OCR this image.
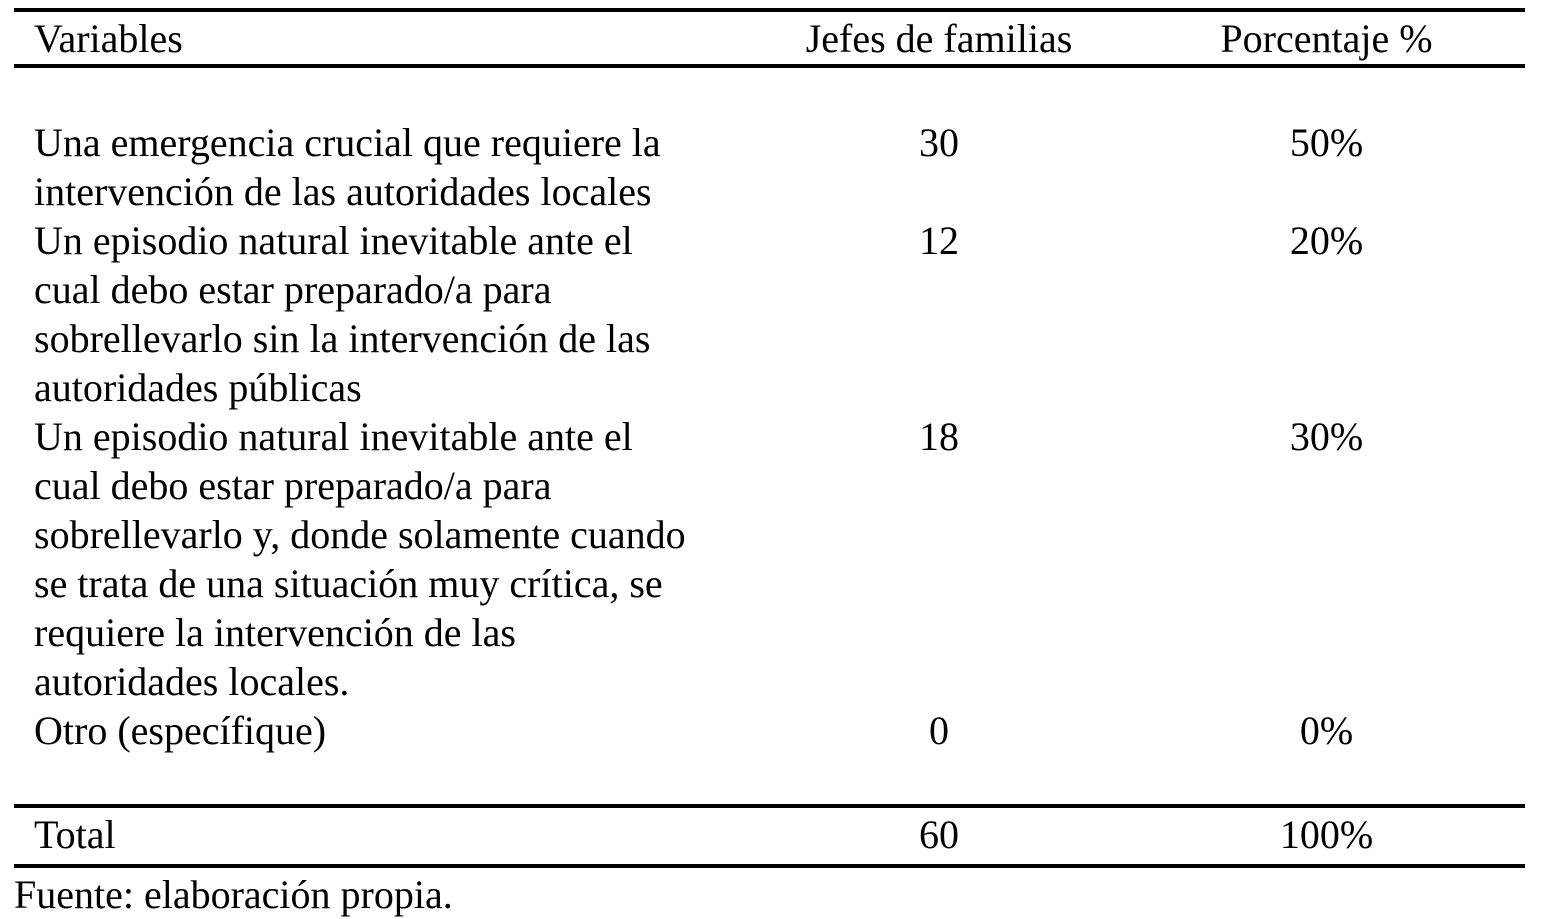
Variables	Jefes de familias	Porcentaje %
Una emergencia crucial que requiere la
intervención de las autoridades locales
30	50%
Un episodio natural inevitable ante el
cual debo estar preparado/a para
sobrellevarlo sin la intervención de las
autoridades públicas
12	20%
Un episodio natural inevitable ante el
cual debo estar preparado/a para
sobrellevarlo y, donde solamente cuando
se trata de una situación muy crítica, se
requiere la intervención de las
autoridades locales.
18	30%
Otro (específique)	0	0%
Total	60	100%
Fuente: elaboración propia.
